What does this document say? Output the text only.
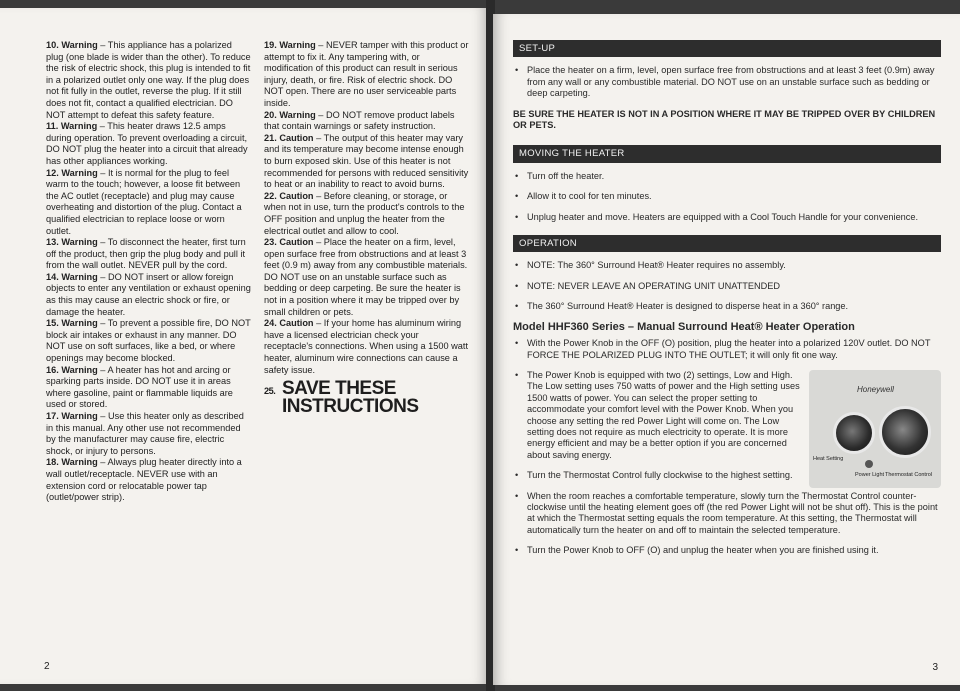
10. Warning – This appliance has a polarized plug (one blade is wider than the other). To reduce the risk of electric shock, this plug is intended to fit in a polarized outlet only one way. If the plug does not fit fully in the outlet, reverse the plug. If it still does not fit, contact a qualified electrician. DO NOT attempt to defeat this safety feature.
11. Warning – This heater draws 12.5 amps during operation. To prevent overloading a circuit, DO NOT plug the heater into a circuit that already has other appliances working.
12. Warning – It is normal for the plug to feel warm to the touch; however, a loose fit between the AC outlet (receptacle) and plug may cause overheating and distortion of the plug. Contact a qualified electrician to replace loose or worn outlet.
13. Warning – To disconnect the heater, first turn off the product, then grip the plug body and pull it from the wall outlet. NEVER pull by the cord.
14. Warning – DO NOT insert or allow foreign objects to enter any ventilation or exhaust opening as this may cause an electric shock or fire, or damage the heater.
15. Warning – To prevent a possible fire, DO NOT block air intakes or exhaust in any manner. DO NOT use on soft surfaces, like a bed, or where openings may become blocked.
16. Warning – A heater has hot and arcing or sparking parts inside. DO NOT use it in areas where gasoline, paint or flammable liquids are used or stored.
17. Warning – Use this heater only as described in this manual. Any other use not recommended by the manufacturer may cause fire, electric shock, or injury to persons.
18. Warning – Always plug heater directly into a wall outlet/receptacle. NEVER use with an extension cord or relocatable power tap (outlet/power strip).
19. Warning – NEVER tamper with this product or attempt to fix it. Any tampering with, or modification of this product can result in serious injury, death, or fire. Risk of electric shock. DO NOT open. There are no user serviceable parts inside.
20. Warning – DO NOT remove product labels that contain warnings or safety instruction.
21. Caution – The output of this heater may vary and its temperature may become intense enough to burn exposed skin. Use of this heater is not recommended for persons with reduced sensitivity to heat or an inability to react to avoid burns.
22. Caution – Before cleaning, or storage, or when not in use, turn the product's controls to the OFF position and unplug the heater from the electrical outlet and allow to cool.
23. Caution – Place the heater on a firm, level, open surface free from obstructions and at least 3 feet (0.9 m) away from any combustible materials. DO NOT use on an unstable surface such as bedding or deep carpeting. Be sure the heater is not in a position where it may be tripped over by small children or pets.
24. Caution – If your home has aluminum wiring have a licensed electrician check your receptacle's connections. When using a 1500 watt heater, aluminum wire connections can cause a safety issue.
25. SAVE THESE
INSTRUCTIONS
2
SET-UP
• Place the heater on a firm, level, open surface free from obstructions and at least 3 feet (0.9m) away from any wall or any combustible material. DO NOT use on an unstable surface such as bedding or deep carpeting.
BE SURE THE HEATER IS NOT IN A POSITION WHERE IT MAY BE TRIPPED OVER BY CHILDREN OR PETS.
MOVING THE HEATER
• Turn off the heater.
• Allow it to cool for ten minutes.
• Unplug heater and move. Heaters are equipped with a Cool Touch Handle for your convenience.
OPERATION
• NOTE: The 360° Surround Heat® Heater requires no assembly.
• NOTE: NEVER LEAVE AN OPERATING UNIT UNATTENDED
• The 360° Surround Heat® Heater is designed to disperse heat in a 360° range.
Model HHF360 Series – Manual Surround Heat® Heater Operation
• With the Power Knob in the OFF (O) position, plug the heater into a polarized 120V outlet. DO NOT FORCE THE POLARIZED PLUG INTO THE OUTLET; it will only fit one way.
Honeywell
Heat Setting
Power Light Thermostat Control
• The Power Knob is equipped with two (2) settings, Low and High. The Low setting uses 750 watts of power and the High setting uses 1500 watts of power. You can select the proper setting to accommodate your comfort level with the Power Knob. When you choose any setting the red Power Light will come on. The Low setting does not require as much electricity to operate. It is more energy efficient and may be a better option if you are concerned about saving energy.
• Turn the Thermostat Control fully clockwise to the highest setting.
• When the room reaches a comfortable temperature, slowly turn the Thermostat Control counter-clockwise until the heating element goes off (the red Power Light will not be shut off). This is the point at which the Thermostat setting equals the room temperature. At this setting, the Thermostat will automatically turn the heater on and off to maintain the selected temperature.
• Turn the Power Knob to OFF (O) and unplug the heater when you are finished using it.
3
